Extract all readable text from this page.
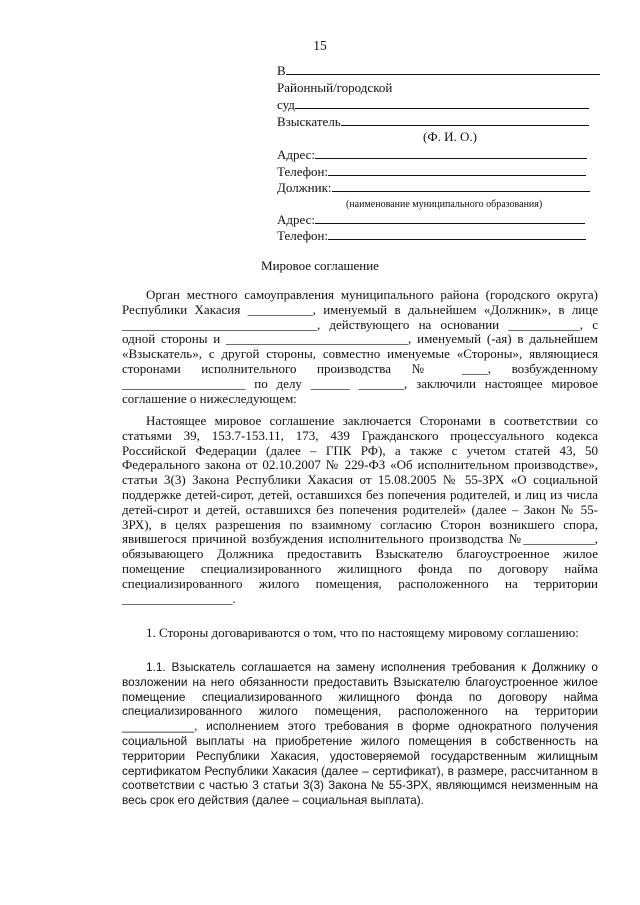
15
В
Районный/городской
суд
Взыскатель
(Ф. И. О.)
Адрес:
Телефон:
Должник:
(наименование муниципального образования)
Адрес:
Телефон:
Мировое соглашение

Орган местного самоуправления муниципального района (городского округа) Республики Хакасия __________, именуемый в дальнейшем «Должник», в лице ______________________________, действующего на основании ___________, с одной стороны и ____________________________, именуемый (-ая) в дальнейшем «Взыскатель», с другой стороны, совместно именуемые «Стороны», являющиеся сторонами исполнительного производства № ____, возбужденному ___________________ по делу ______ _______, заключили настоящее мировое соглашение о нижеследующем:

Настоящее мировое соглашение заключается Сторонами в соответствии со статьями 39, 153.7-153.11, 173, 439 Гражданского процессуального кодекса Российской Федерации (далее – ГПК РФ), а также с учетом статей 43, 50 Федерального закона от 02.10.2007 № 229-ФЗ «Об исполнительном производстве», статьи 3(3) Закона Республики Хакасия от 15.08.2005 № 55-ЗРХ «О социальной поддержке детей-сирот, детей, оставшихся без попечения родителей, и лиц из числа детей-сирот и детей, оставшихся без попечения родителей» (далее – Закон № 55-ЗРХ), в целях разрешения по взаимному согласию Сторон возникшего спора, явившегося причиной возбуждения исполнительного производства №___________, обязывающего Должника предоставить Взыскателю благоустроенное жилое помещение специализированного жилищного фонда по договору найма специализированного жилого помещения, расположенного на территории _________________.

1. Стороны договариваются о том, что по настоящему мировому соглашению:

1.1. Взыскатель соглашается на замену исполнения требования к Должнику о возложении на него обязанности предоставить Взыскателю благоустроенное жилое помещение специализированного жилищного фонда по договору найма специализированного жилого помещения, расположенного на территории ___________, исполнением этого требования в форме однократного получения социальной выплаты на приобретение жилого помещения в собственность на территории Республики Хакасия, удостоверяемой государственным жилищным сертификатом Республики Хакасия (далее – сертификат), в размере, рассчитанном в соответствии с частью 3 статьи 3(3) Закона № 55-ЗРХ, являющимся неизменным на весь срок его действия (далее – социальная выплата).
